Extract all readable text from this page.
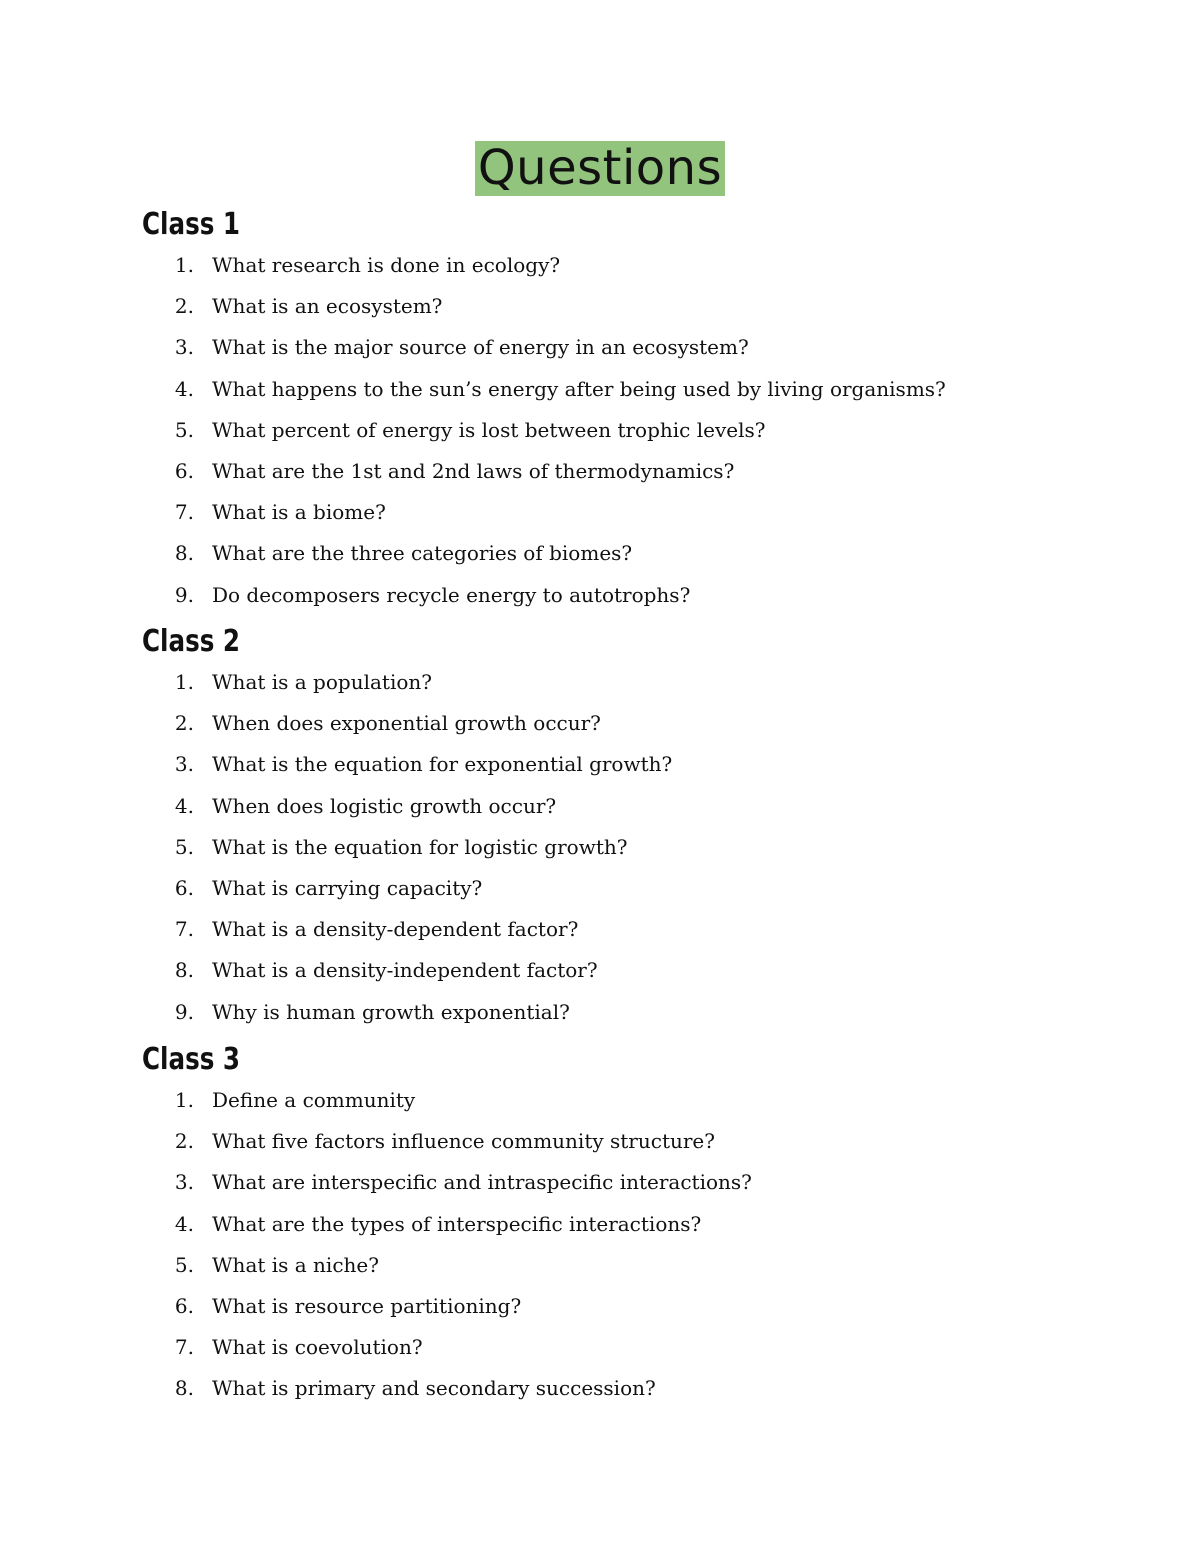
Questions
Class 1
1. What research is done in ecology?
2. What is an ecosystem?
3. What is the major source of energy in an ecosystem?
4. What happens to the sun’s energy after being used by living organisms?
5. What percent of energy is lost between trophic levels?
6. What are the 1st and 2nd laws of thermodynamics?
7. What is a biome?
8. What are the three categories of biomes?
9. Do decomposers recycle energy to autotrophs?
Class 2
1. What is a population?
2. When does exponential growth occur?
3. What is the equation for exponential growth?
4. When does logistic growth occur?
5. What is the equation for logistic growth?
6. What is carrying capacity?
7. What is a density-dependent factor?
8. What is a density-independent factor?
9. Why is human growth exponential?
Class 3
1. Define a community
2. What five factors influence community structure?
3. What are interspecific and intraspecific interactions?
4. What are the types of interspecific interactions?
5. What is a niche?
6. What is resource partitioning?
7. What is coevolution?
8. What is primary and secondary succession?
